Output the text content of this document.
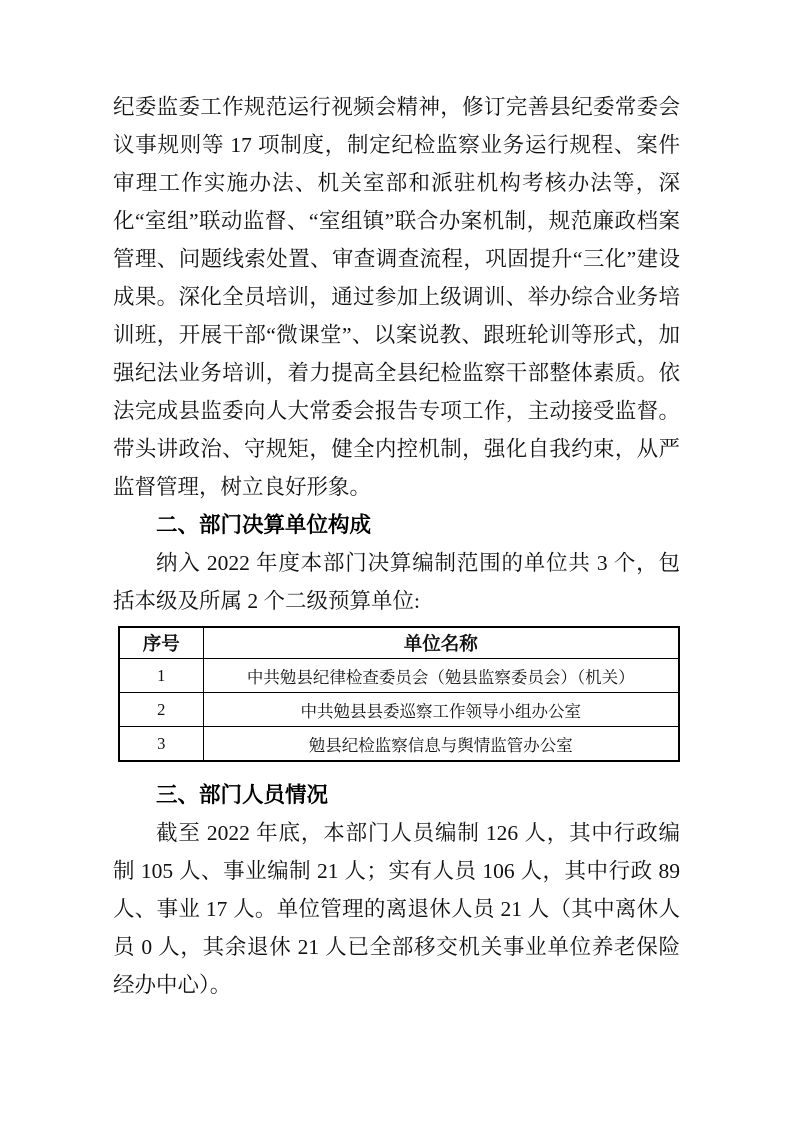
纪委监委工作规范运行视频会精神，修订完善县纪委常委会议事规则等 17 项制度，制定纪检监察业务运行规程、案件审理工作实施办法、机关室部和派驻机构考核办法等，深化“室组”联动监督、“室组镇”联合办案机制，规范廉政档案管理、问题线索处置、审查调查流程，巩固提升“三化”建设成果。深化全员培训，通过参加上级调训、举办综合业务培训班，开展干部“微课堂”、以案说教、跟班轮训等形式，加强纪法业务培训，着力提高全县纪检监察干部整体素质。依法完成县监委向人大常委会报告专项工作，主动接受监督。带头讲政治、守规矩，健全内控机制，强化自我约束，从严监督管理，树立良好形象。

二、部门决算单位构成

纳入 2022 年度本部门决算编制范围的单位共 3 个，包括本级及所属 2 个二级预算单位:

序号	单位名称
1	中共勉县纪律检查委员会（勉县监察委员会）（机关）
2	中共勉县县委巡察工作领导小组办公室
3	勉县纪检监察信息与舆情监管办公室
三、部门人员情况

截至 2022 年底，本部门人员编制 126 人，其中行政编制 105 人、事业编制 21 人；实有人员 106 人，其中行政 89 人、事业 17 人。单位管理的离退休人员 21 人（其中离休人员 0 人，其余退休 21 人已全部移交机关事业单位养老保险经办中心）。
